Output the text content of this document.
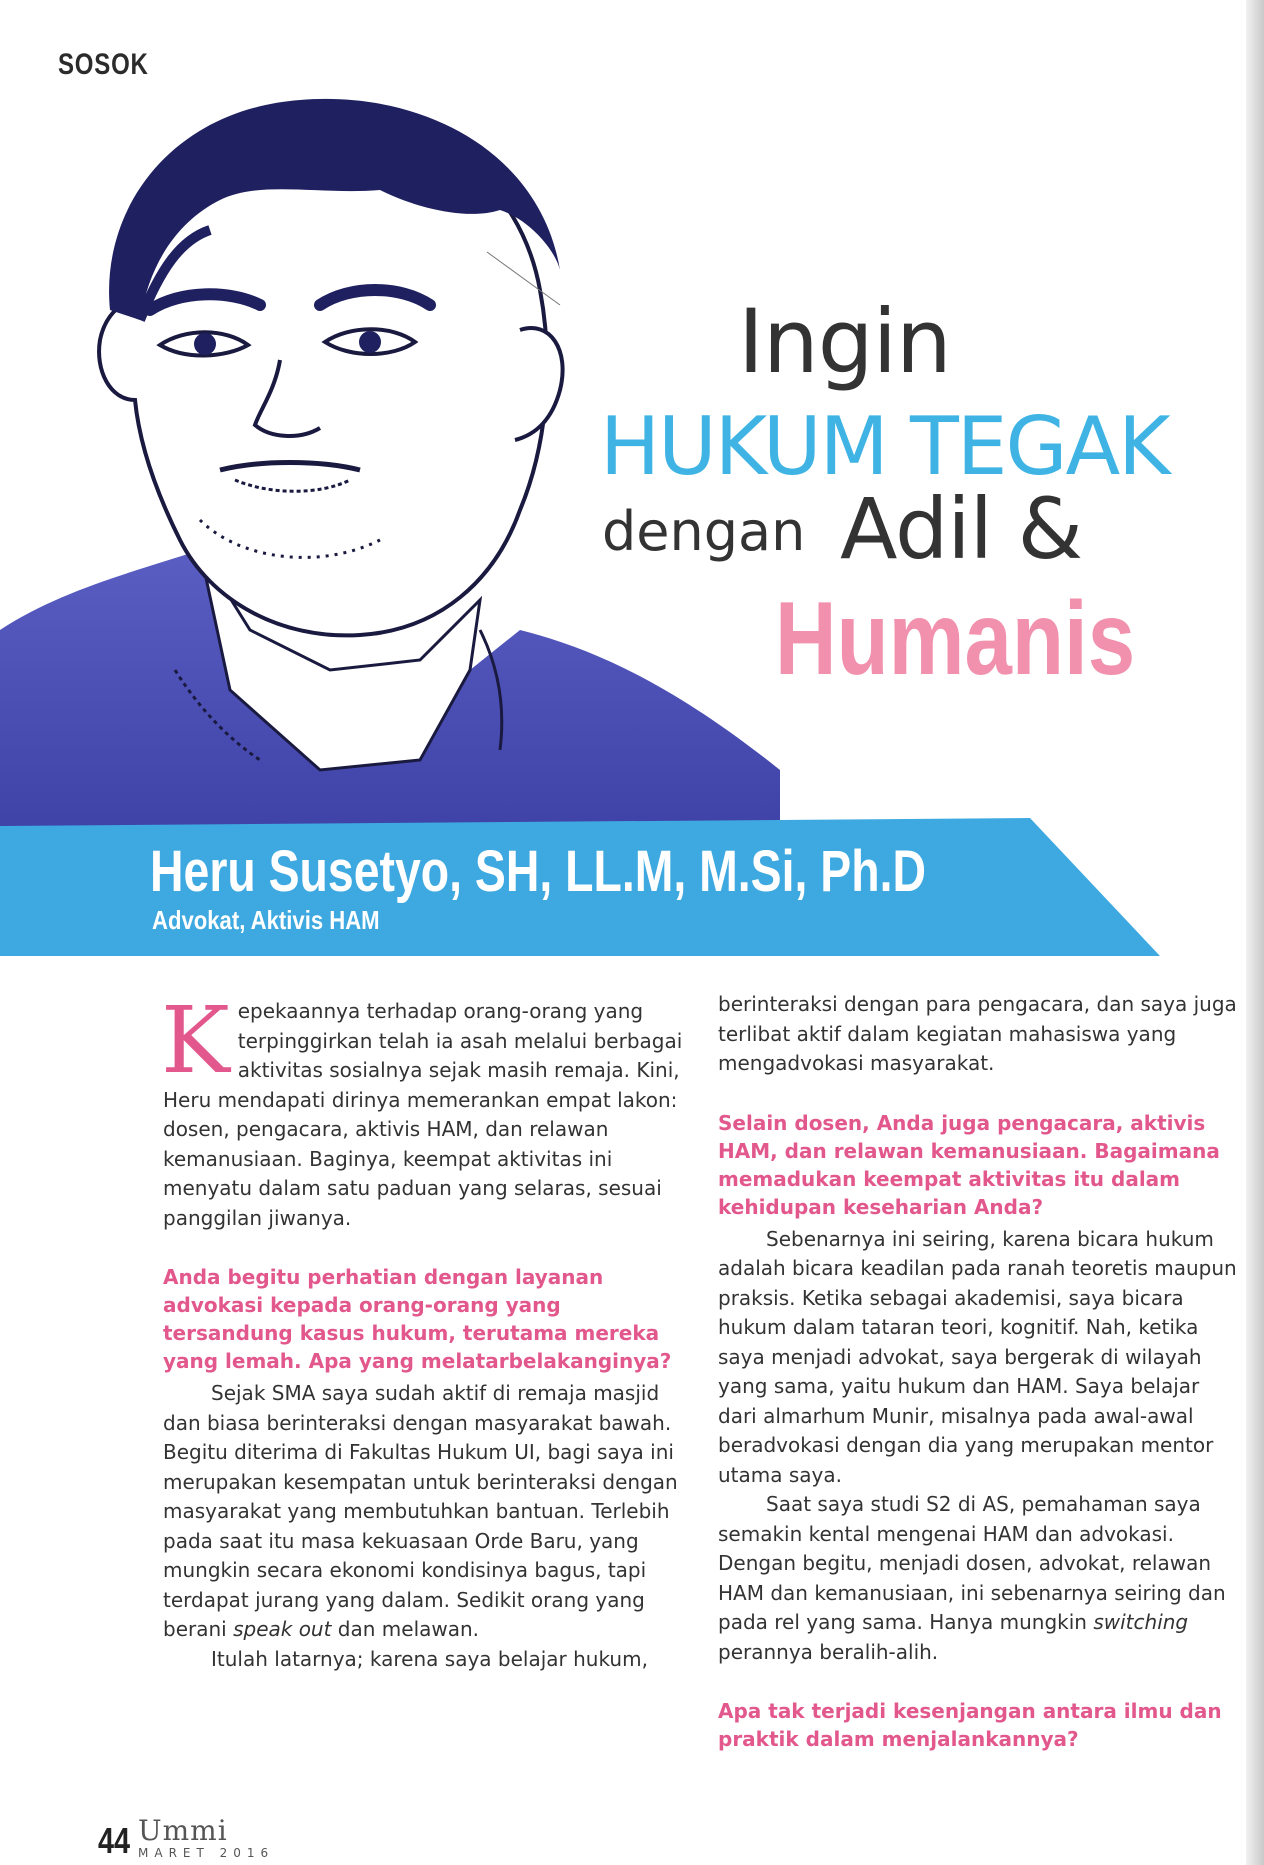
SOSOK
Ingin
HUKUM TEGAK
dengan Adil &
Humanis
Heru Susetyo, SH, LL.M, M.Si, Ph.D
Advokat, Aktivis HAM

Kepekaannya terhadap orang-orang yang terpinggirkan telah ia asah melalui berbagai aktivitas sosialnya sejak masih remaja. Kini, Heru mendapati dirinya memerankan empat lakon: dosen, pengacara, aktivis HAM, dan relawan kemanusiaan. Baginya, keempat aktivitas ini menyatu dalam satu paduan yang selaras, sesuai panggilan jiwanya.

Anda begitu perhatian dengan layanan advokasi kepada orang-orang yang tersandung kasus hukum, terutama mereka yang lemah. Apa yang melatarbelakanginya?

Sejak SMA saya sudah aktif di remaja masjid dan biasa berinteraksi dengan masyarakat bawah. Begitu diterima di Fakultas Hukum UI, bagi saya ini merupakan kesempatan untuk berinteraksi dengan masyarakat yang membutuhkan bantuan. Terlebih pada saat itu masa kekuasaan Orde Baru, yang mungkin secara ekonomi kondisinya bagus, tapi terdapat jurang yang dalam. Sedikit orang yang berani speak out dan melawan.

Itulah latarnya; karena saya belajar hukum,

berinteraksi dengan para pengacara, dan saya juga terlibat aktif dalam kegiatan mahasiswa yang mengadvokasi masyarakat.

Selain dosen, Anda juga pengacara, aktivis HAM, dan relawan kemanusiaan. Bagaimana memadukan keempat aktivitas itu dalam kehidupan keseharian Anda?

Sebenarnya ini seiring, karena bicara hukum adalah bicara keadilan pada ranah teoretis maupun praksis. Ketika sebagai akademisi, saya bicara hukum dalam tataran teori, kognitif. Nah, ketika saya menjadi advokat, saya bergerak di wilayah yang sama, yaitu hukum dan HAM. Saya belajar dari almarhum Munir, misalnya pada awal-awal beradvokasi dengan dia yang merupakan mentor utama saya.

Saat saya studi S2 di AS, pemahaman saya semakin kental mengenai HAM dan advokasi. Dengan begitu, menjadi dosen, advokat, relawan HAM dan kemanusiaan, ini sebenarnya seiring dan pada rel yang sama. Hanya mungkin switching perannya beralih-alih.

Apa tak terjadi kesenjangan antara ilmu dan praktik dalam menjalankannya?

44 Ummi
MARET 2016
